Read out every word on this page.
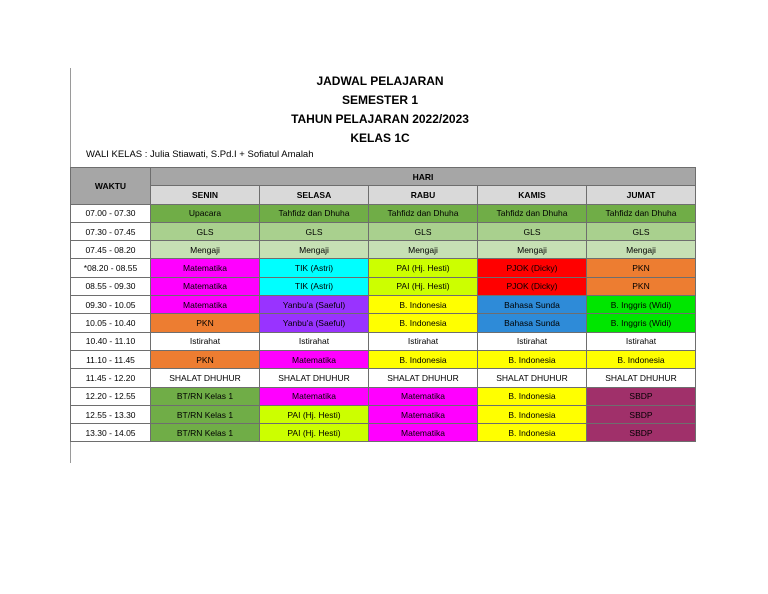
JADWAL PELAJARAN
SEMESTER 1
TAHUN PELAJARAN 2022/2023
KELAS 1C
WALI KELAS : Julia Stiawati, S.Pd.I + Sofiatul Amalah
WAKTU	HARI				
	SENIN	SELASA	RABU	KAMIS	JUMAT
07.00 - 07.30	Upacara	Tahfidz dan Dhuha	Tahfidz dan Dhuha	Tahfidz dan Dhuha	Tahfidz dan Dhuha
07.30 - 07.45	GLS	GLS	GLS	GLS	GLS
07.45 - 08.20	Mengaji	Mengaji	Mengaji	Mengaji	Mengaji
*08.20 - 08.55	Matematika	TIK (Astri)	PAI (Hj. Hesti)	PJOK (Dicky)	PKN
08.55 - 09.30	Matematika	TIK (Astri)	PAI (Hj. Hesti)	PJOK (Dicky)	PKN
09.30 - 10.05	Matematika	Yanbu'a (Saeful)	B. Indonesia	Bahasa Sunda	B. Inggris (Widi)
10.05 - 10.40	PKN	Yanbu'a (Saeful)	B. Indonesia	Bahasa Sunda	B. Inggris (Widi)
10.40 - 11.10	Istirahat	Istirahat	Istirahat	Istirahat	Istirahat
11.10 - 11.45	PKN	Matematika	B. Indonesia	B. Indonesia	B. Indonesia
11.45 - 12.20	SHALAT DHUHUR	SHALAT DHUHUR	SHALAT DHUHUR	SHALAT DHUHUR	SHALAT DHUHUR
12.20 - 12.55	BT/RN Kelas 1	Matematika	Matematika	B. Indonesia	SBDP
12.55 - 13.30	BT/RN Kelas 1	PAI (Hj. Hesti)	Matematika	B. Indonesia	SBDP
13.30 - 14.05	BT/RN Kelas 1	PAI (Hj. Hesti)	Matematika	B. Indonesia	SBDP
